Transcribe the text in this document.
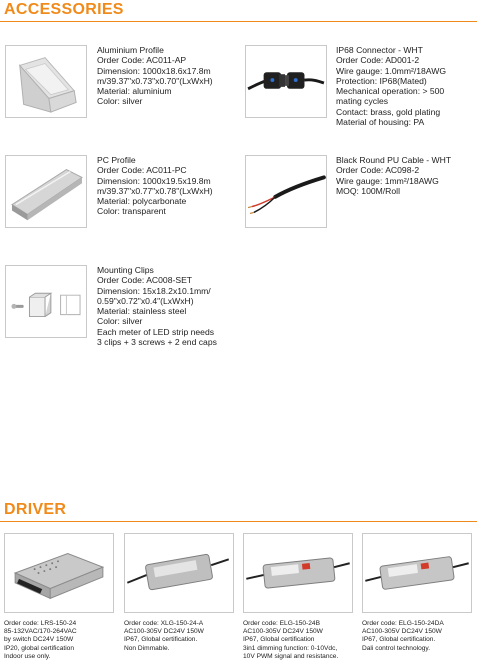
ACCESSORIES
Aluminium Profile
Order Code: AC011-AP
Dimension: 1000x18.6x17.8m
m/39.37"x0.73"x0.70"(LxWxH)
Material: aluminium
Color: silver
IP68 Connector - WHT
Order Code: AD001-2
Wire gauge: 1.0mm²/18AWG
Protection: IP68(Mated)
Mechanical operation: > 500
mating cycles
Contact: brass, gold plating
Material of housing: PA
PC Profile
Order Code: AC011-PC
Dimension: 1000x19.5x19.8m
m/39.37"x0.77"x0.78"(LxWxH)
Material: polycarbonate
Color: transparent
Black Round PU Cable - WHT
Order Code: AC098-2
Wire gauge: 1mm²/18AWG
MOQ: 100M/Roll
Mounting Clips
Order Code: AC008-SET
Dimension: 15x18.2x10.1mm/
0.59"x0.72"x0.4"(LxWxH)
Material: stainless steel
Color: silver
Each meter of LED strip needs
3 clips + 3 screws + 2 end caps
DRIVER
Order code: LRS-150-24
85-132VAC/170-264VAC
by switch DC24V 150W
IP20, global certification
Indoor use only.
Order code: XLG-150-24-A
AC100-305V DC24V 150W
IP67, Global certification.
Non Dimmable.
Order code: ELG-150-24B
AC100-305V DC24V 150W
IP67, Global certification
3in1 dimming function: 0-10Vdc,
10V PWM signal and resistance.
Order code: ELG-150-24DA
AC100-305V DC24V 150W
IP67, Global certification.
Dali control technology.
